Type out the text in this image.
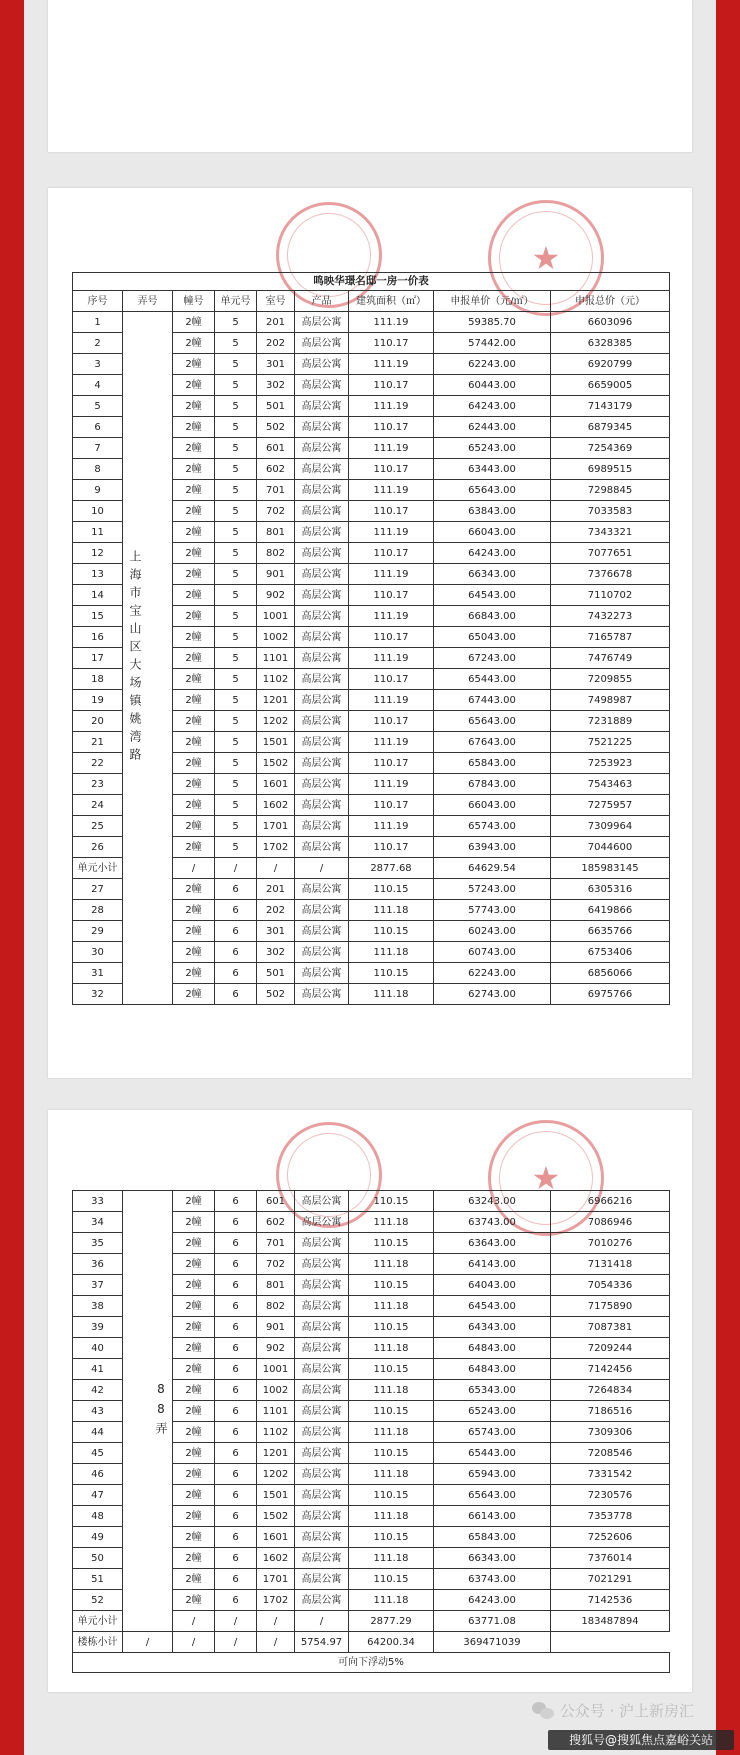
★
鸣映华璟名邸一房一价表
序号	弄号	幢号	单元号	室号	产品	建筑面积（㎡）	申报单价（元/㎡）	申报总价（元）
1	上海市宝山区大场镇姚湾路	2幢	5	201	高层公寓	111.19	59385.70	6603096
2		2幢	5	202	高层公寓	110.17	57442.00	6328385
3		2幢	5	301	高层公寓	111.19	62243.00	6920799
4		2幢	5	302	高层公寓	110.17	60443.00	6659005
5		2幢	5	501	高层公寓	111.19	64243.00	7143179
6		2幢	5	502	高层公寓	110.17	62443.00	6879345
7		2幢	5	601	高层公寓	111.19	65243.00	7254369
8		2幢	5	602	高层公寓	110.17	63443.00	6989515
9		2幢	5	701	高层公寓	111.19	65643.00	7298845
10		2幢	5	702	高层公寓	110.17	63843.00	7033583
11		2幢	5	801	高层公寓	111.19	66043.00	7343321
12		2幢	5	802	高层公寓	110.17	64243.00	7077651
13		2幢	5	901	高层公寓	111.19	66343.00	7376678
14		2幢	5	902	高层公寓	110.17	64543.00	7110702
15		2幢	5	1001	高层公寓	111.19	66843.00	7432273
16		2幢	5	1002	高层公寓	110.17	65043.00	7165787
17		2幢	5	1101	高层公寓	111.19	67243.00	7476749
18		2幢	5	1102	高层公寓	110.17	65443.00	7209855
19		2幢	5	1201	高层公寓	111.19	67443.00	7498987
20		2幢	5	1202	高层公寓	110.17	65643.00	7231889
21		2幢	5	1501	高层公寓	111.19	67643.00	7521225
22		2幢	5	1502	高层公寓	110.17	65843.00	7253923
23		2幢	5	1601	高层公寓	111.19	67843.00	7543463
24		2幢	5	1602	高层公寓	110.17	66043.00	7275957
25		2幢	5	1701	高层公寓	111.19	65743.00	7309964
26		2幢	5	1702	高层公寓	110.17	63943.00	7044600
单元小计		/	/	/	/	2877.68	64629.54	185983145
27		2幢	6	201	高层公寓	110.15	57243.00	6305316
28		2幢	6	202	高层公寓	111.18	57743.00	6419866
29		2幢	6	301	高层公寓	110.15	60243.00	6635766
30		2幢	6	302	高层公寓	111.18	60743.00	6753406
31		2幢	6	501	高层公寓	110.15	62243.00	6856066
32		2幢	6	502	高层公寓	111.18	62743.00	6975766
★
33	88弄	2幢	6	601	高层公寓	110.15	63243.00	6966216
34		2幢	6	602	高层公寓	111.18	63743.00	7086946
35		2幢	6	701	高层公寓	110.15	63643.00	7010276
36		2幢	6	702	高层公寓	111.18	64143.00	7131418
37		2幢	6	801	高层公寓	110.15	64043.00	7054336
38		2幢	6	802	高层公寓	111.18	64543.00	7175890
39		2幢	6	901	高层公寓	110.15	64343.00	7087381
40		2幢	6	902	高层公寓	111.18	64843.00	7209244
41		2幢	6	1001	高层公寓	110.15	64843.00	7142456
42		2幢	6	1002	高层公寓	111.18	65343.00	7264834
43		2幢	6	1101	高层公寓	110.15	65243.00	7186516
44		2幢	6	1102	高层公寓	111.18	65743.00	7309306
45		2幢	6	1201	高层公寓	110.15	65443.00	7208546
46		2幢	6	1202	高层公寓	111.18	65943.00	7331542
47		2幢	6	1501	高层公寓	110.15	65643.00	7230576
48		2幢	6	1502	高层公寓	111.18	66143.00	7353778
49		2幢	6	1601	高层公寓	110.15	65843.00	7252606
50		2幢	6	1602	高层公寓	111.18	66343.00	7376014
51		2幢	6	1701	高层公寓	110.15	63743.00	7021291
52		2幢	6	1702	高层公寓	111.18	64243.00	7142536
单元小计		/	/	/	/	2877.29	63771.08	183487894
楼栋小计	/	/	/	/	5754.97	64200.34	369471039	
可向下浮动5%								
公众号 · 沪上新房汇
搜狐号@搜狐焦点嘉峪关站
